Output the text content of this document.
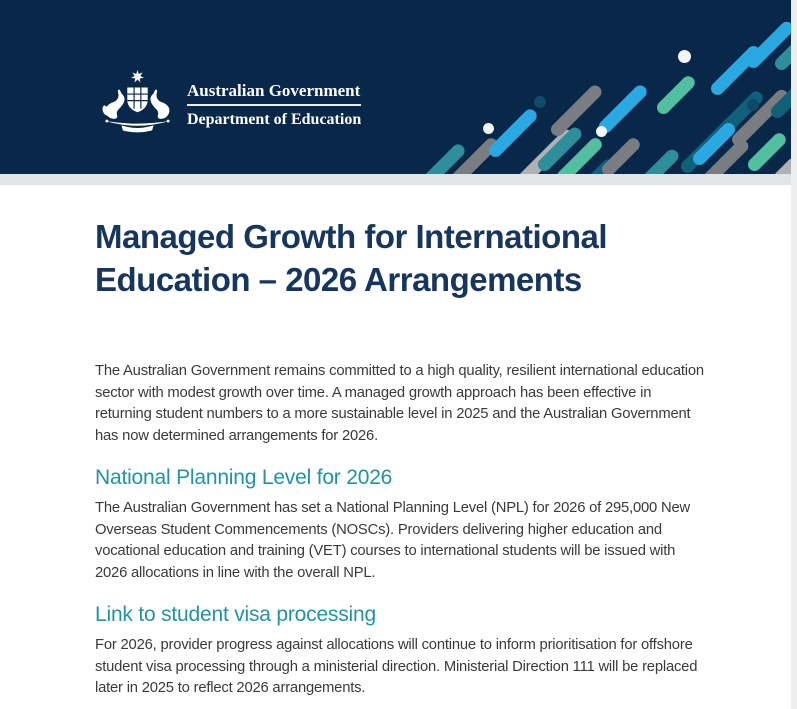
Australian Government
Department of Education
Managed Growth for International
Education – 2026 Arrangements

The Australian Government remains committed to a high quality, resilient international education sector with modest growth over time. A managed growth approach has been effective in returning student numbers to a more sustainable level in 2025 and the Australian Government has now determined arrangements for 2026.

National Planning Level for 2026

The Australian Government has set a National Planning Level (NPL) for 2026 of 295,000 New Overseas Student Commencements (NOSCs). Providers delivering higher education and vocational education and training (VET) courses to international students will be issued with 2026 allocations in line with the overall NPL.

Link to student visa processing

For 2026, provider progress against allocations will continue to inform prioritisation for offshore student visa processing through a ministerial direction. Ministerial Direction 111 will be replaced later in 2025 to reflect 2026 arrangements.
